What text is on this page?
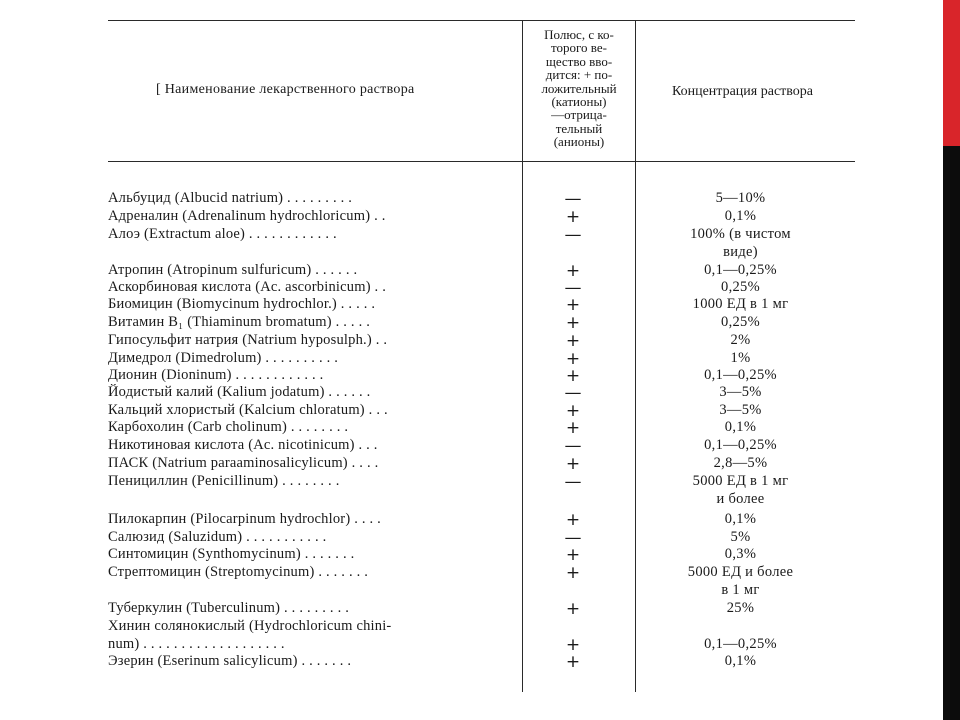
[ Наименование лекарственного раствора
Полюс, с ко-
торого ве-
щество вво-
дится: + по-
ложительный
(катионы)
—отрица-
тельный
(анионы)
Концентрация раствора
Альбуцид (Albucid natrium) . . . . . . . . .	—	5—10%
Адреналин (Adrenalinum hydrochloricum) . .	+	0,1%
Алоэ (Extractum aloe) . . . . . . . . . . . .	—	100% (в чистом
виде)
Атропин (Atropinum sulfuricum) . . . . . .	+	0,1—0,25%
Аскорбиновая кислота (Ac. ascorbinicum) . .	—	0,25%
Биомицин (Biomycinum hydrochlor.) . . . . .	+	1000 ЕД в 1 мг
Витамин B₁ (Thiaminum bromatum) . . . . .	+	0,25%
Гипосульфит натрия (Natrium hyposulph.) . .	+	2%
Димедрол (Dimedrolum) . . . . . . . . . .	+	1%
Дионин (Dioninum) . . . . . . . . . . . .	+	0,1—0,25%
Йодистый калий (Kalium jodatum) . . . . . .	—	3—5%
Кальций хлористый (Kalcium chloratum) . . .	+	3—5%
Карбохолин (Carb cholinum) . . . . . . . .	+	0,1%
Никотиновая кислота (Ac. nicotinicum) . . .	—	0,1—0,25%
ПАСК (Natrium paraaminosalicylicum) . . . .	+	2,8—5%
Пенициллин (Penicillinum) . . . . . . . .	—	5000 ЕД в 1 мг
и более
Пилокарпин (Pilocarpinum hydrochlor) . . . .	+	0,1%
Салюзид (Saluzidum) . . . . . . . . . . .	—	5%
Синтомицин (Synthomycinum) . . . . . . .	+	0,3%
Стрептомицин (Streptomycinum) . . . . . . .	+	5000 ЕД и более
в 1 мг
Туберкулин (Tuberculinum) . . . . . . . . .	+	25%
Хинин солянокислый (Hydrochloricum chini-
num) . . . . . . . . . . . . . . . . . . .	+	0,1—0,25%
Эзерин (Eserinum salicylicum) . . . . . . .	+	0,1%
